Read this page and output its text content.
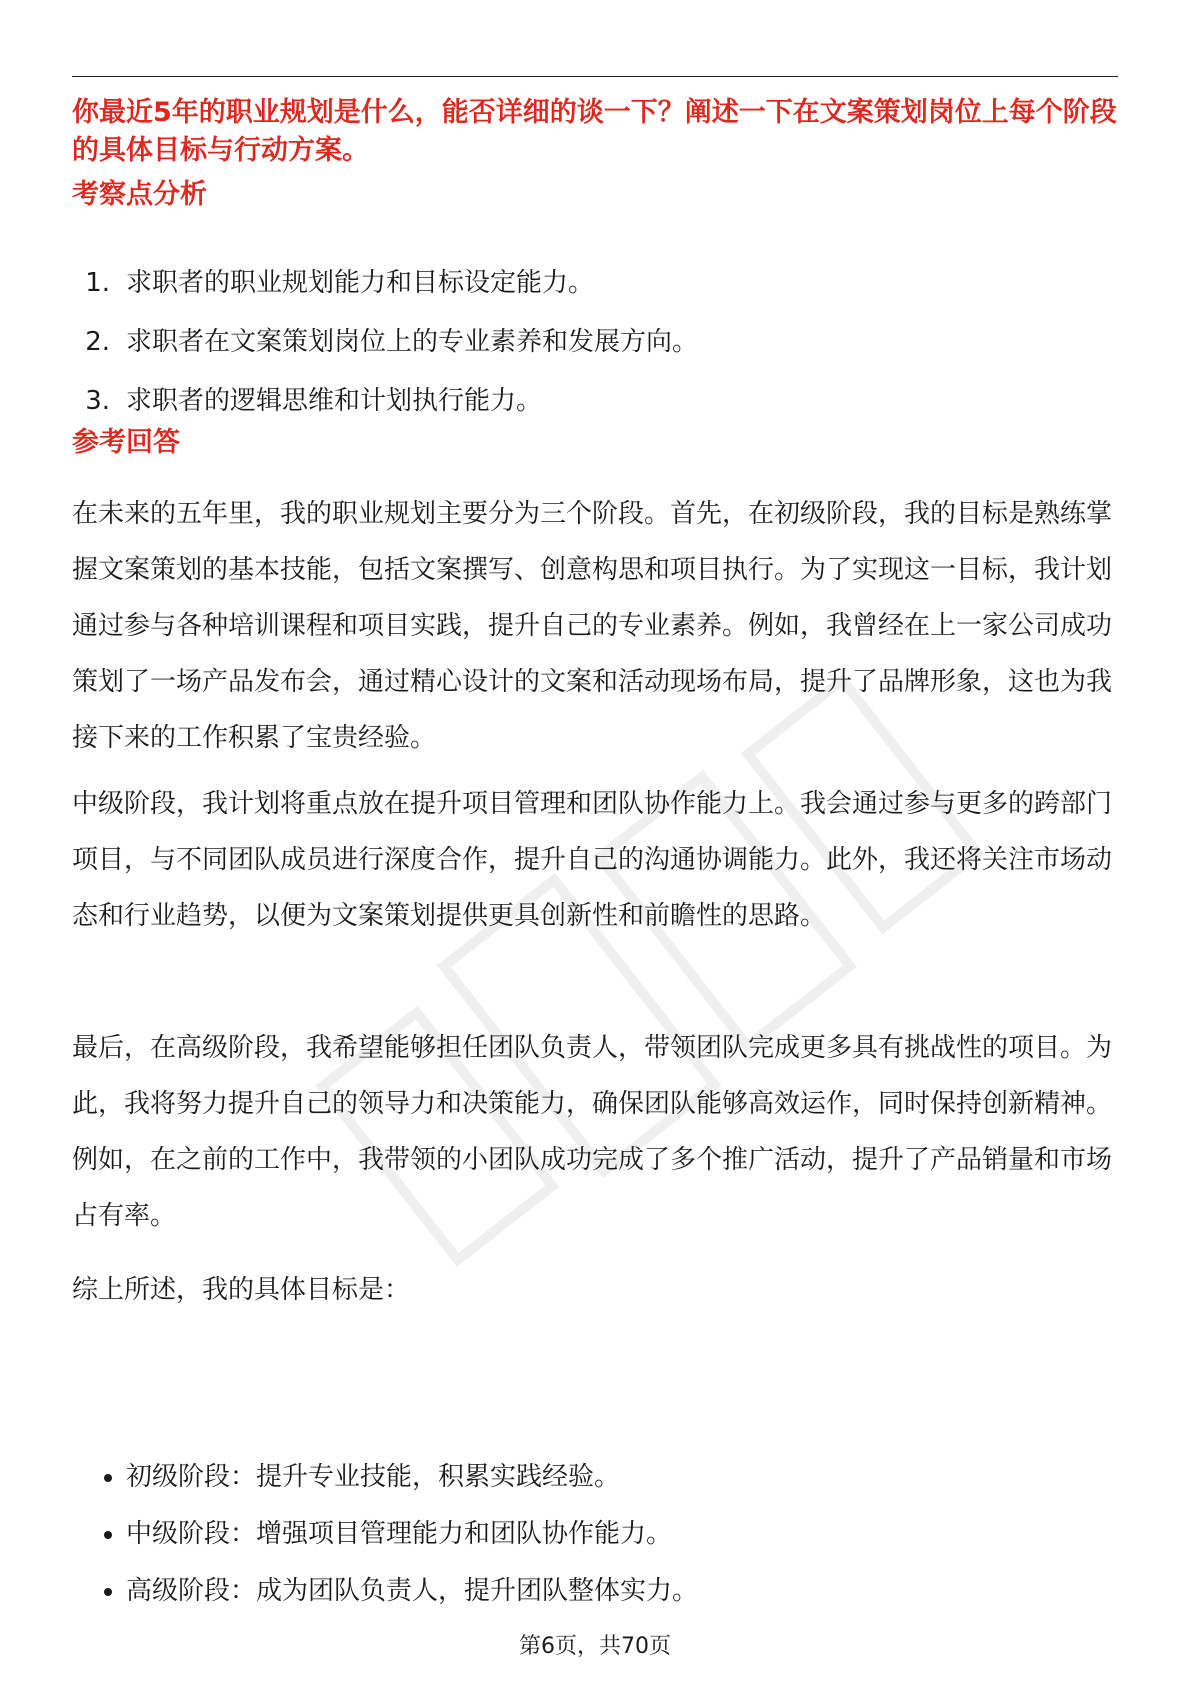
你最近5年的职业规划是什么，能否详细的谈一下？阐述一下在文案策划岗位上每个阶段的具体目标与行动方案。
考察点分析
1. 求职者的职业规划能力和目标设定能力。
2. 求职者在文案策划岗位上的专业素养和发展方向。
3. 求职者的逻辑思维和计划执行能力。
参考回答

在未来的五年里，我的职业规划主要分为三个阶段。首先，在初级阶段，我的目标是熟练掌握文案策划的基本技能，包括文案撰写、创意构思和项目执行。为了实现这一目标，我计划通过参与各种培训课程和项目实践，提升自己的专业素养。例如，我曾经在上一家公司成功策划了一场产品发布会，通过精心设计的文案和活动现场布局，提升了品牌形象，这也为我接下来的工作积累了宝贵经验。

中级阶段，我计划将重点放在提升项目管理和团队协作能力上。我会通过参与更多的跨部门项目，与不同团队成员进行深度合作，提升自己的沟通协调能力。此外，我还将关注市场动态和行业趋势，以便为文案策划提供更具创新性和前瞻性的思路。

最后，在高级阶段，我希望能够担任团队负责人，带领团队完成更多具有挑战性的项目。为此，我将努力提升自己的领导力和决策能力，确保团队能够高效运作，同时保持创新精神。例如，在之前的工作中，我带领的小团队成功完成了多个推广活动，提升了产品销量和市场占有率。

综上所述，我的具体目标是：

初级阶段：提升专业技能，积累实践经验。
中级阶段：增强项目管理能力和团队协作能力。
高级阶段：成为团队负责人，提升团队整体实力。
第6页，共70页
